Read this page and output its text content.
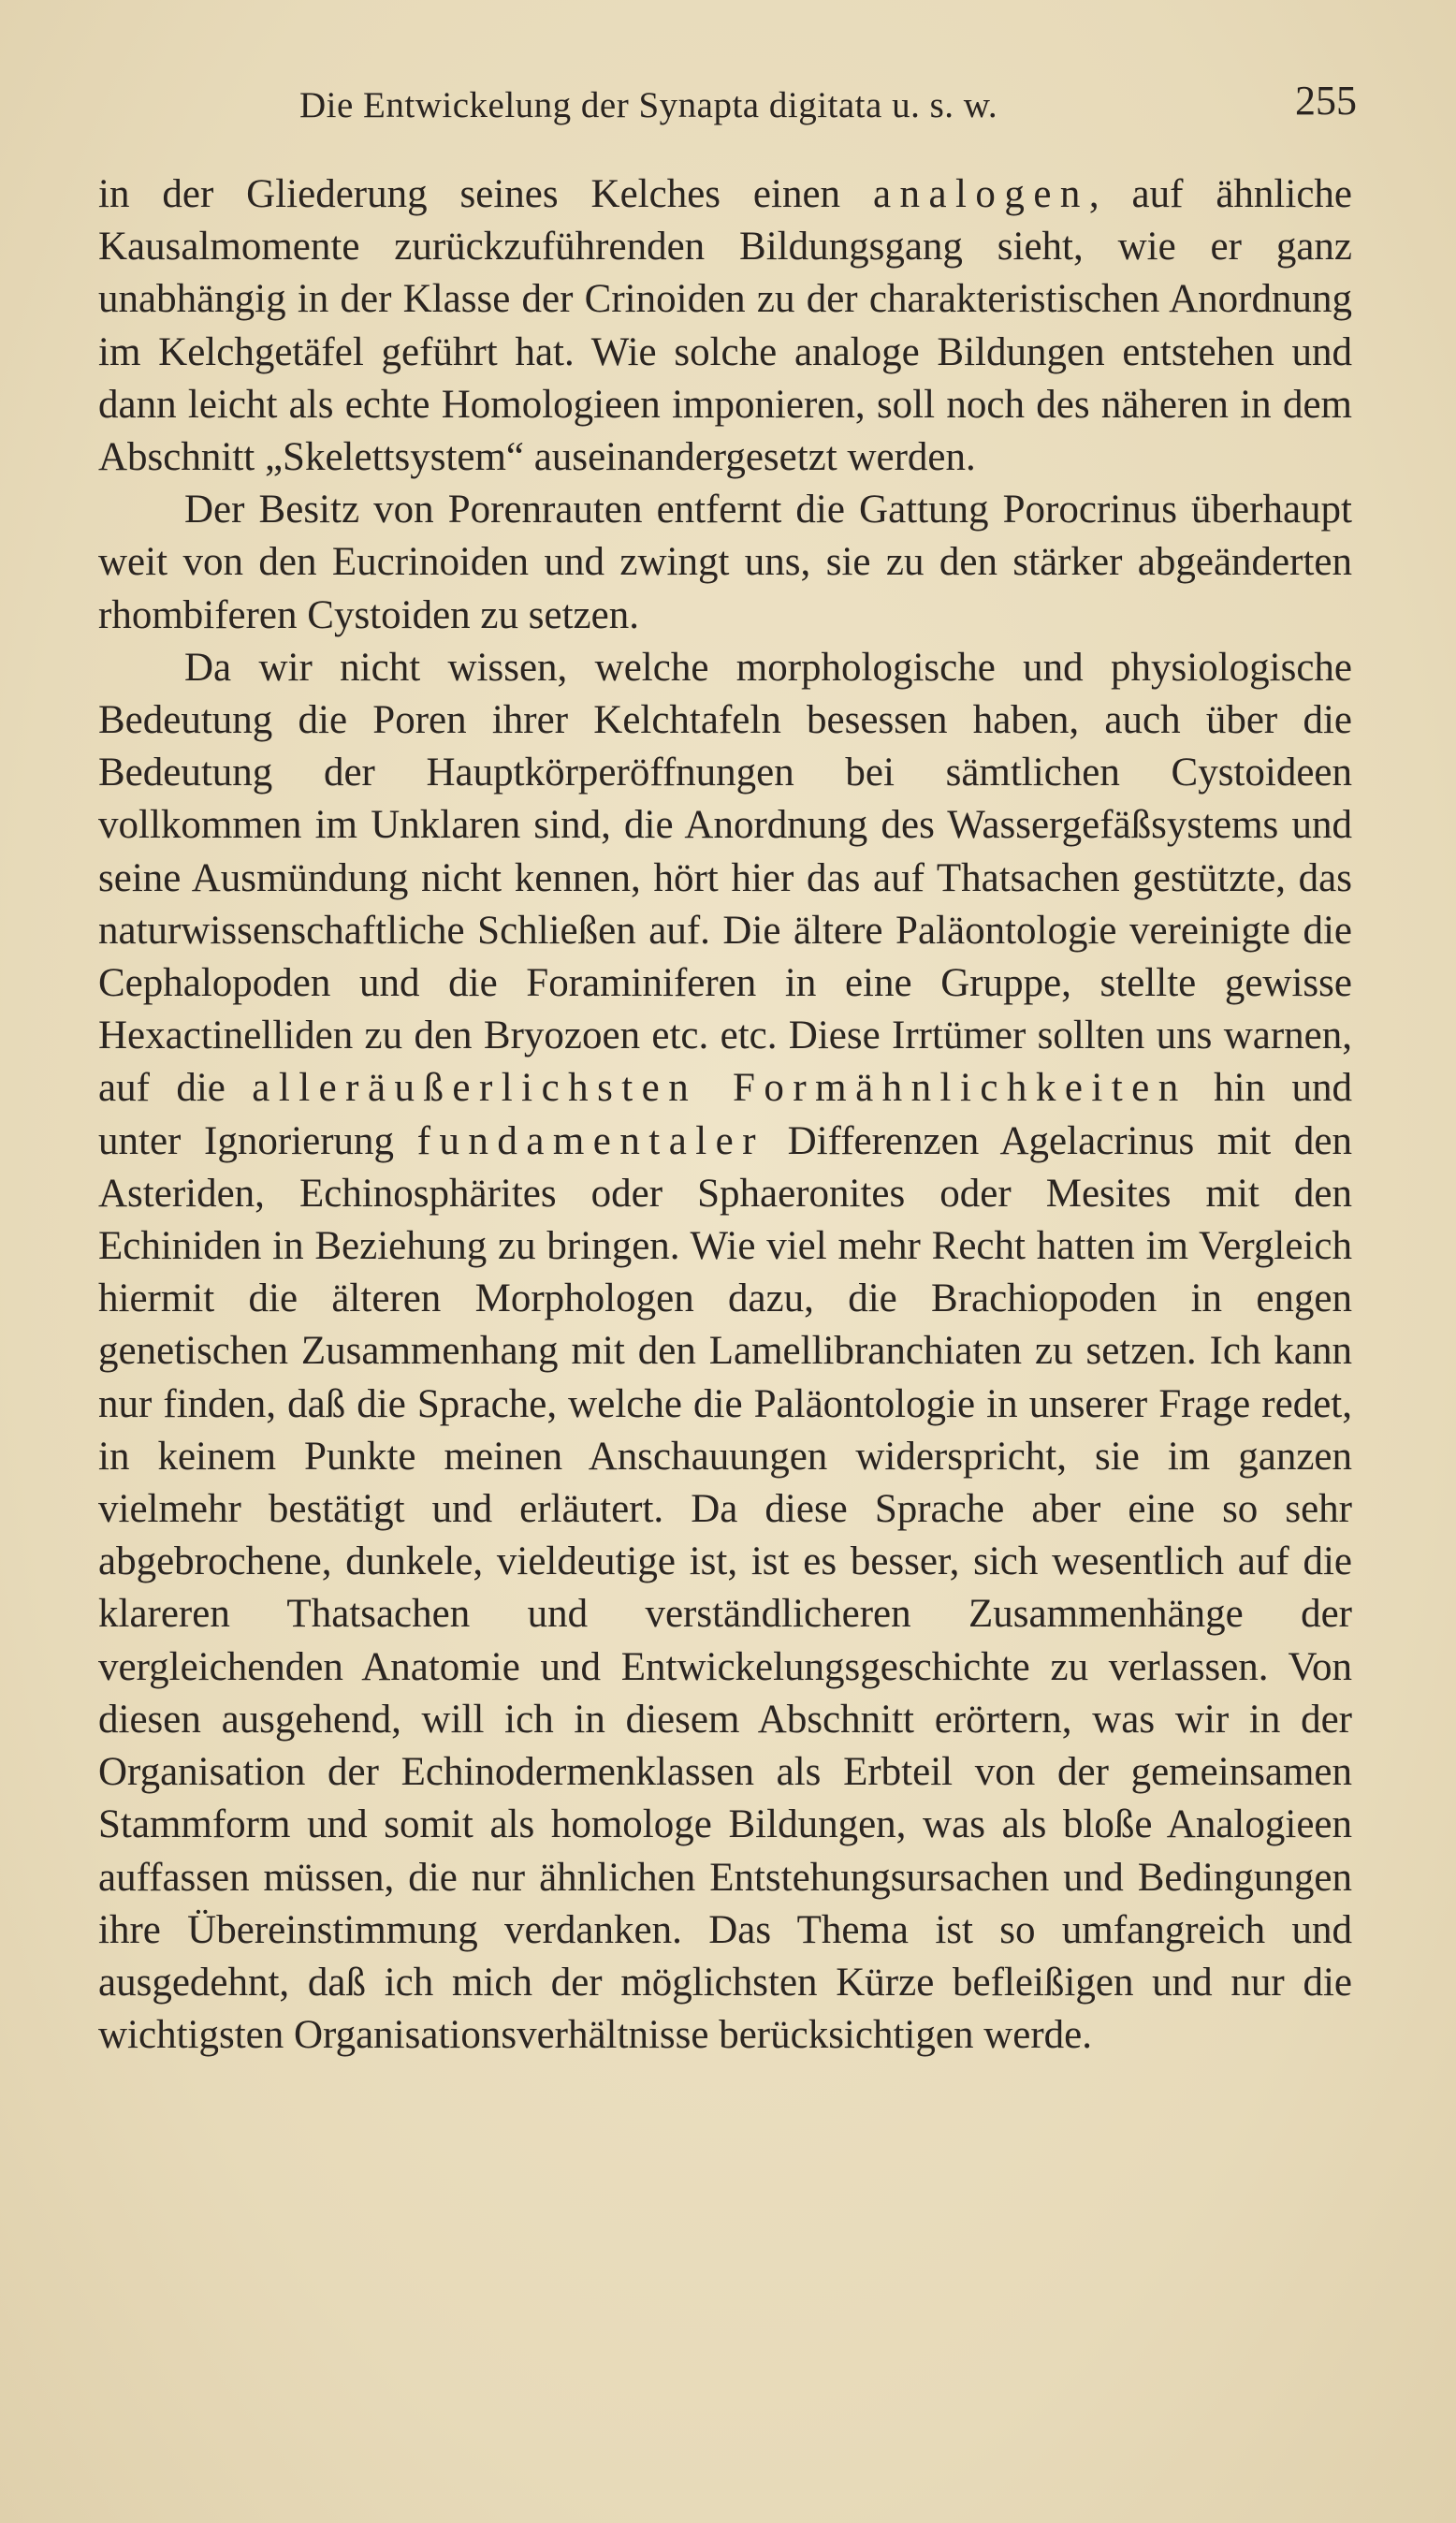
Die Entwickelung der Synapta digitata u. s. w.	255

in der Gliederung seines Kelches einen analogen, auf ähnliche Kausalmomente zurückzuführenden Bildungsgang sieht, wie er ganz unabhängig in der Klasse der Crinoiden zu der charakteristischen Anordnung im Kelchgetäfel geführt hat. Wie solche analoge Bildungen entstehen und dann leicht als echte Homologieen imponieren, soll noch des näheren in dem Abschnitt „Skelettsystem“ auseinandergesetzt werden.

Der Besitz von Porenrauten entfernt die Gattung Porocrinus überhaupt weit von den Eucrinoiden und zwingt uns, sie zu den stärker abgeänderten rhombiferen Cystoiden zu setzen.

Da wir nicht wissen, welche morphologische und physiologische Bedeutung die Poren ihrer Kelchtafeln besessen haben, auch über die Bedeutung der Hauptkörperöffnungen bei sämtlichen Cystoideen vollkommen im Unklaren sind, die Anordnung des Wassergefäßsystems und seine Ausmündung nicht kennen, hört hier das auf Thatsachen gestützte, das naturwissenschaftliche Schließen auf. Die ältere Paläontologie vereinigte die Cephalopoden und die Foraminiferen in eine Gruppe, stellte gewisse Hexactinelliden zu den Bryozoen etc. etc. Diese Irrtümer sollten uns warnen, auf die alleräußerlichsten Formähnlichkeiten hin und unter Ignorierung fundamentaler Differenzen Agelacrinus mit den Asteriden, Echinosphärites oder Sphaeronites oder Mesites mit den Echiniden in Beziehung zu bringen. Wie viel mehr Recht hatten im Vergleich hiermit die älteren Morphologen dazu, die Brachiopoden in engen genetischen Zusammenhang mit den Lamellibranchiaten zu setzen. Ich kann nur finden, daß die Sprache, welche die Paläontologie in unserer Frage redet, in keinem Punkte meinen Anschauungen widerspricht, sie im ganzen vielmehr bestätigt und erläutert. Da diese Sprache aber eine so sehr abgebrochene, dunkele, vieldeutige ist, ist es besser, sich wesentlich auf die klareren Thatsachen und verständlicheren Zusammenhänge der vergleichenden Anatomie und Entwickelungsgeschichte zu verlassen. Von diesen ausgehend, will ich in diesem Abschnitt erörtern, was wir in der Organisation der Echinodermenklassen als Erbteil von der gemeinsamen Stammform und somit als homologe Bildungen, was als bloße Analogieen auffassen müssen, die nur ähnlichen Entstehungsursachen und Bedingungen ihre Übereinstimmung verdanken. Das Thema ist so umfangreich und ausgedehnt, daß ich mich der möglichsten Kürze befleißigen und nur die wichtigsten Organisationsverhältnisse berücksichtigen werde.
